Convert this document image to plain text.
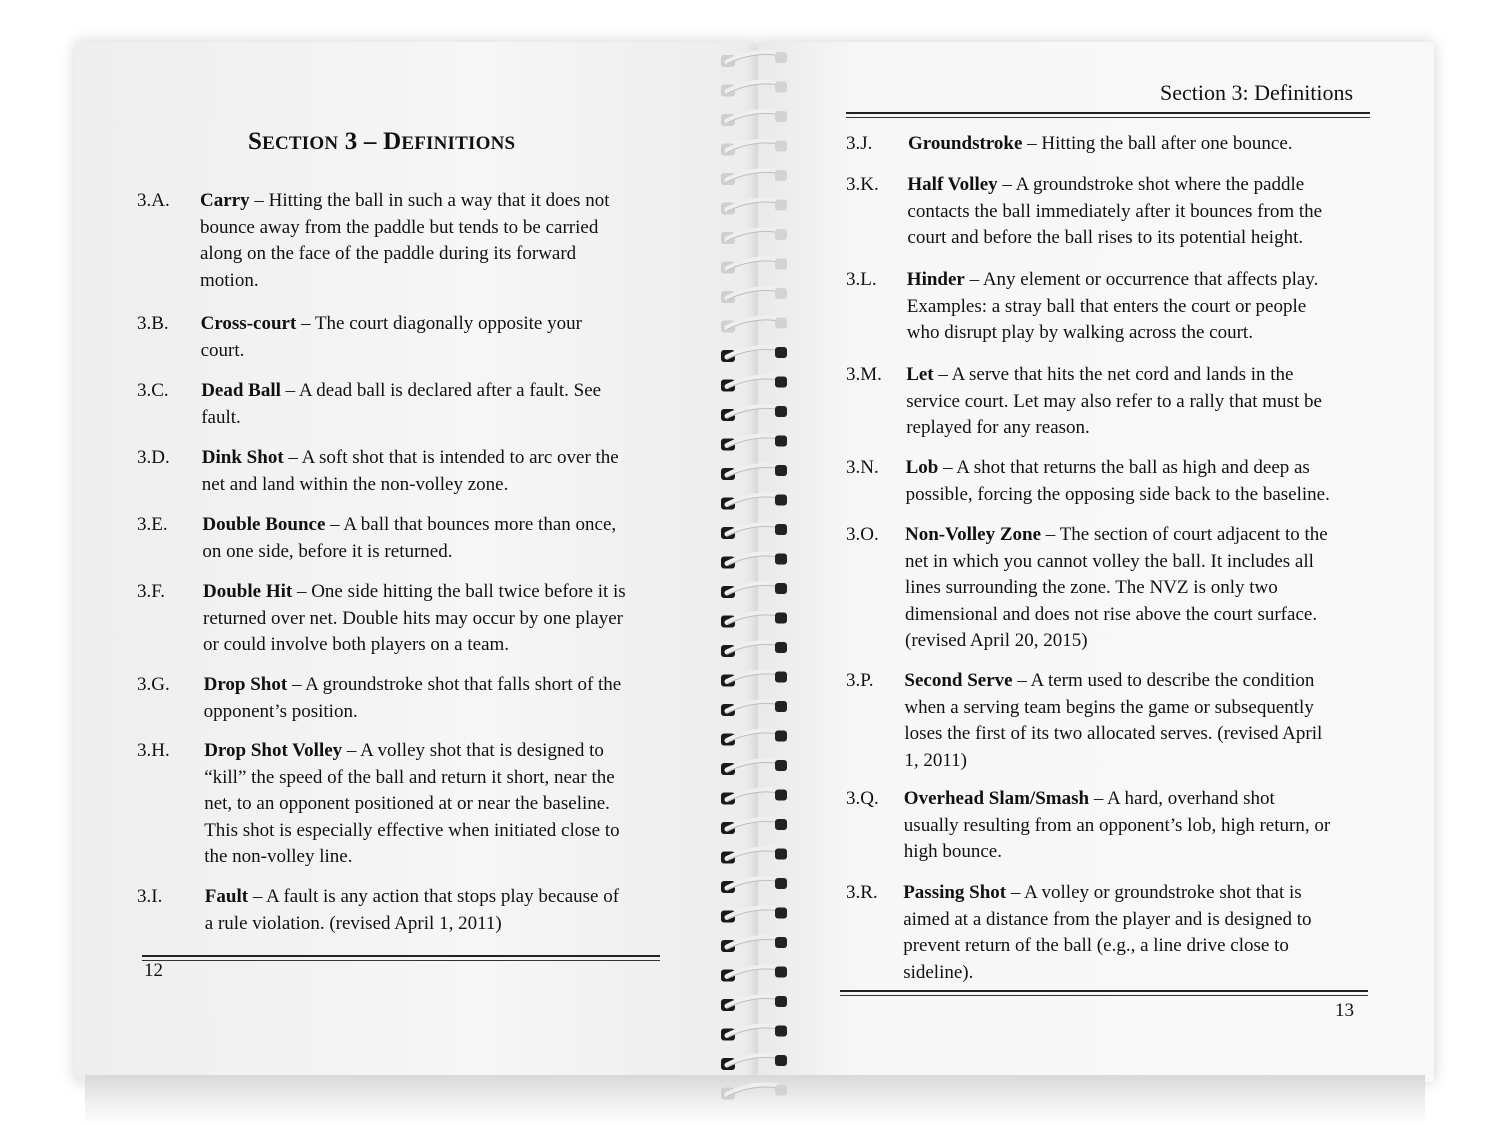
SECTION 3 – DEFINITIONS
12
3.A. Carry – Hitting the ball in such a way that it does not
bounce away from the paddle but tends to be carried
along on the face of the paddle during its forward
motion.
3.B. Cross-court – The court diagonally opposite your
court.
3.C. Dead Ball – A dead ball is declared after a fault. See
fault.
3.D. Dink Shot – A soft shot that is intended to arc over the
net and land within the non-volley zone.
3.E. Double Bounce – A ball that bounces more than once,
on one side, before it is returned.
3.F. Double Hit – One side hitting the ball twice before it is
returned over net. Double hits may occur by one player
or could involve both players on a team.
3.G. Drop Shot – A groundstroke shot that falls short of the
opponent’s position.
3.H. Drop Shot Volley – A volley shot that is designed to
“kill” the speed of the ball and return it short, near the
net, to an opponent positioned at or near the baseline.
This shot is especially effective when initiated close to
the non-volley line.
3.I. Fault – A fault is any action that stops play because of
a rule violation. (revised April 1, 2011)
Section 3: Definitions
13
3.J. Groundstroke – Hitting the ball after one bounce.
3.K. Half Volley – A groundstroke shot where the paddle
contacts the ball immediately after it bounces from the
court and before the ball rises to its potential height.
3.L. Hinder – Any element or occurrence that affects play.
Examples: a stray ball that enters the court or people
who disrupt play by walking across the court.
3.M. Let – A serve that hits the net cord and lands in the
service court. Let may also refer to a rally that must be
replayed for any reason.
3.N. Lob – A shot that returns the ball as high and deep as
possible, forcing the opposing side back to the baseline.
3.O. Non-Volley Zone – The section of court adjacent to the
net in which you cannot volley the ball. It includes all
lines surrounding the zone. The NVZ is only two
dimensional and does not rise above the court surface.
(revised April 20, 2015)
3.P. Second Serve – A term used to describe the condition
when a serving team begins the game or subsequently
loses the first of its two allocated serves. (revised April
1, 2011)
3.Q. Overhead Slam/Smash – A hard, overhand shot
usually resulting from an opponent’s lob, high return, or
high bounce.
3.R. Passing Shot – A volley or groundstroke shot that is
aimed at a distance from the player and is designed to
prevent return of the ball (e.g., a line drive close to
sideline).
